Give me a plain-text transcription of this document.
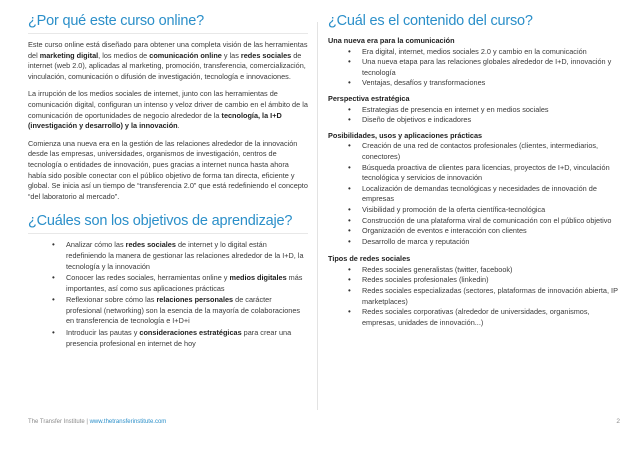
¿Por qué este curso online?

Este curso online está diseñado para obtener una completa visión de las herramientas del marketing digital, los medios de comunicación online y las redes sociales de internet (web 2.0), aplicadas al marketing, promoción, transferencia, comercialización, vinculación, comunicación o difusión de investigación, tecnología e innovaciones.

La irrupción de los medios sociales de internet, junto con las herramientas de comunicación digital, configuran un intenso y veloz driver de cambio en el ámbito de la comunicación de oportunidades de negocio alrededor de la tecnología, la I+D (investigación y desarrollo) y la innovación.

Comienza una nueva era en la gestión de las relaciones alrededor de la innovación desde las empresas, universidades, organismos de investigación, centros de tecnología o entidades de innovación, pues gracias a internet nunca hasta ahora había sido posible conectar con el público objetivo de forma tan directa, eficiente y global. Se inicia así un tiempo de “transferencia 2.0” que está redefiniendo el concepto “del laboratorio al mercado”.

¿Cuáles son los objetivos de aprendizaje?
• Analizar cómo las redes sociales de internet y lo digital están redefiniendo la manera de gestionar las relaciones alrededor de la I+D, la tecnología y la innovación
• Conocer las redes sociales, herramientas online y medios digitales más importantes, así como sus aplicaciones prácticas
• Reflexionar sobre cómo las relaciones personales de carácter profesional (networking) son la esencia de la mayoría de colaboraciones en transferencia de tecnología e I+D+i
• Introducir las pautas y consideraciones estratégicas para crear una presencia profesional en internet de hoy
¿Cuál es el contenido del curso?
Una nueva era para la comunicación
• Era digital, internet, medios sociales 2.0 y cambio en la comunicación
• Una nueva etapa para las relaciones globales alrededor de I+D, innovación y tecnología
• Ventajas, desafíos y transformaciones
Perspectiva estratégica
• Estrategias de presencia en internet y en medios sociales
• Diseño de objetivos e indicadores
Posibilidades, usos y aplicaciones prácticas
• Creación de una red de contactos profesionales (clientes, intermediarios, conectores)
• Búsqueda proactiva de clientes para licencias, proyectos de I+D, vinculación tecnológica y servicios de innovación
• Localización de demandas tecnológicas y necesidades de innovación de empresas
• Visibilidad y promoción de la oferta científica-tecnológica
• Construcción de una plataforma viral de comunicación con el público objetivo
• Organización de eventos e interacción con clientes
• Desarrollo de marca y reputación
Tipos de redes sociales
• Redes sociales generalistas (twitter, facebook)
• Redes sociales profesionales (linkedin)
• Redes sociales especializadas (sectores, plataformas de innovación abierta, IP marketplaces)
• Redes sociales corporativas (alrededor de universidades, organismos, empresas, unidades de innovación...)
The Transfer Institute | www.thetransferinstitute.com	2
